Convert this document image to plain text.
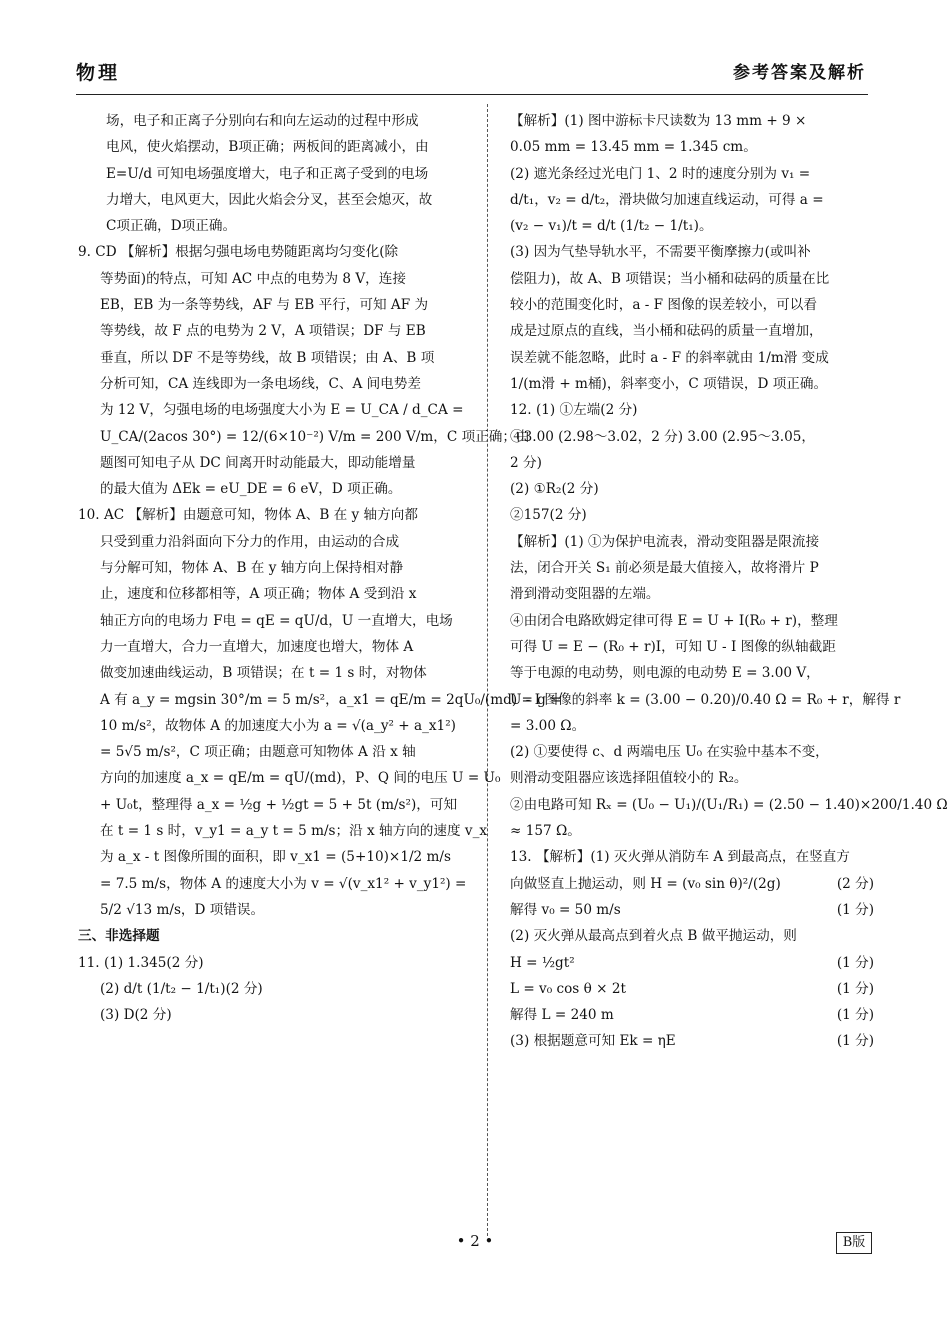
物理	参考答案及解析

场，电子和正离子分别向右和向左运动的过程中形成

电风，使火焰摆动，B项正确；两板间的距离减小，由

E=U/d 可知电场强度增大，电子和正离子受到的电场

力增大，电风更大，因此火焰会分叉，甚至会熄灭，故

C项正确，D项正确。

9. CD 【解析】根据匀强电场电势随距离均匀变化(除

等势面)的特点，可知 AC 中点的电势为 8 V，连接

EB，EB 为一条等势线，AF 与 EB 平行，可知 AF 为

等势线，故 F 点的电势为 2 V，A 项错误；DF 与 EB

垂直，所以 DF 不是等势线，故 B 项错误；由 A、B 项

分析可知，CA 连线即为一条电场线，C、A 间电势差

为 12 V，匀强电场的电场强度大小为 E = U_CA / d_CA =

U_CA/(2acos 30°) = 12/(6×10⁻²) V/m = 200 V/m，C 项正确；由

题图可知电子从 DC 间离开时动能最大，即动能增量

的最大值为 ΔEk = eU_DE = 6 eV，D 项正确。

10. AC 【解析】由题意可知，物体 A、B 在 y 轴方向都

只受到重力沿斜面向下分力的作用，由运动的合成

与分解可知，物体 A、B 在 y 轴方向上保持相对静

止，速度和位移都相等，A 项正确；物体 A 受到沿 x

轴正方向的电场力 F电 = qE = qU/d，U 一直增大，电场

力一直增大，合力一直增大，加速度也增大，物体 A

做变加速曲线运动，B 项错误；在 t = 1 s 时，对物体

A 有 a_y = mgsin 30°/m = 5 m/s²，a_x1 = qE/m = 2qU₀/(md) = g =

10 m/s²，故物体 A 的加速度大小为 a = √(a_y² + a_x1²)

= 5√5 m/s²，C 项正确；由题意可知物体 A 沿 x 轴

方向的加速度 a_x = qE/m = qU/(md)，P、Q 间的电压 U = U₀

+ U₀t，整理得 a_x = ½g + ½gt = 5 + 5t (m/s²)，可知

在 t = 1 s 时，v_y1 = a_y t = 5 m/s；沿 x 轴方向的速度 v_x

为 a_x - t 图像所围的面积，即 v_x1 = (5+10)×1/2 m/s

= 7.5 m/s，物体 A 的速度大小为 v = √(v_x1² + v_y1²) =

5/2 √13 m/s，D 项错误。

三、非选择题

11. (1) 1.345(2 分)

(2) d/t (1/t₂ − 1/t₁)(2 分)

(3) D(2 分)

【解析】(1) 图中游标卡尺读数为 13 mm + 9 ×

0.05 mm = 13.45 mm = 1.345 cm。

(2) 遮光条经过光电门 1、2 时的速度分别为 v₁ =

d/t₁，v₂ = d/t₂，滑块做匀加速直线运动，可得 a =

(v₂ − v₁)/t = d/t (1/t₂ − 1/t₁)。

(3) 因为气垫导轨水平，不需要平衡摩擦力(或叫补

偿阻力)，故 A、B 项错误；当小桶和砝码的质量在比

较小的范围变化时，a - F 图像的误差较小，可以看

成是过原点的直线，当小桶和砝码的质量一直增加，

误差就不能忽略，此时 a - F 的斜率就由 1/m滑 变成

1/(m滑 + m桶)，斜率变小，C 项错误，D 项正确。

12. (1) ①左端(2 分)

④3.00 (2.98～3.02，2 分) 3.00 (2.95～3.05，

2 分)

(2) ①R₂(2 分)

②157(2 分)

【解析】(1) ①为保护电流表，滑动变阻器是限流接

法，闭合开关 S₁ 前必须是最大值接入，故将滑片 P

滑到滑动变阻器的左端。

④由闭合电路欧姆定律可得 E = U + I(R₀ + r)，整理

可得 U = E − (R₀ + r)I，可知 U - I 图像的纵轴截距

等于电源的电动势，则电源的电动势 E = 3.00 V，

U - I 图像的斜率 k = (3.00 − 0.20)/0.40 Ω = R₀ + r，解得 r

= 3.00 Ω。

(2) ①要使得 c、d 两端电压 U₀ 在实验中基本不变，

则滑动变阻器应该选择阻值较小的 R₂。

②由电路可知 Rₓ = (U₀ − U₁)/(U₁/R₁) = (2.50 − 1.40)×200/1.40 Ω

≈ 157 Ω。

13. 【解析】(1) 灭火弹从消防车 A 到最高点，在竖直方

(2 分)
向做竖直上抛运动，则 H = (v₀ sin θ)²/(2g)

(1 分)
解得 v₀ = 50 m/s

(2) 灭火弹从最高点到着火点 B 做平抛运动，则

(1 分)
H = ½gt²

(1 分)
L = v₀ cos θ × 2t

(1 分)
解得 L = 240 m

(1 分)
(3) 根据题意可知 Ek = ηE

• 2 •	B版
